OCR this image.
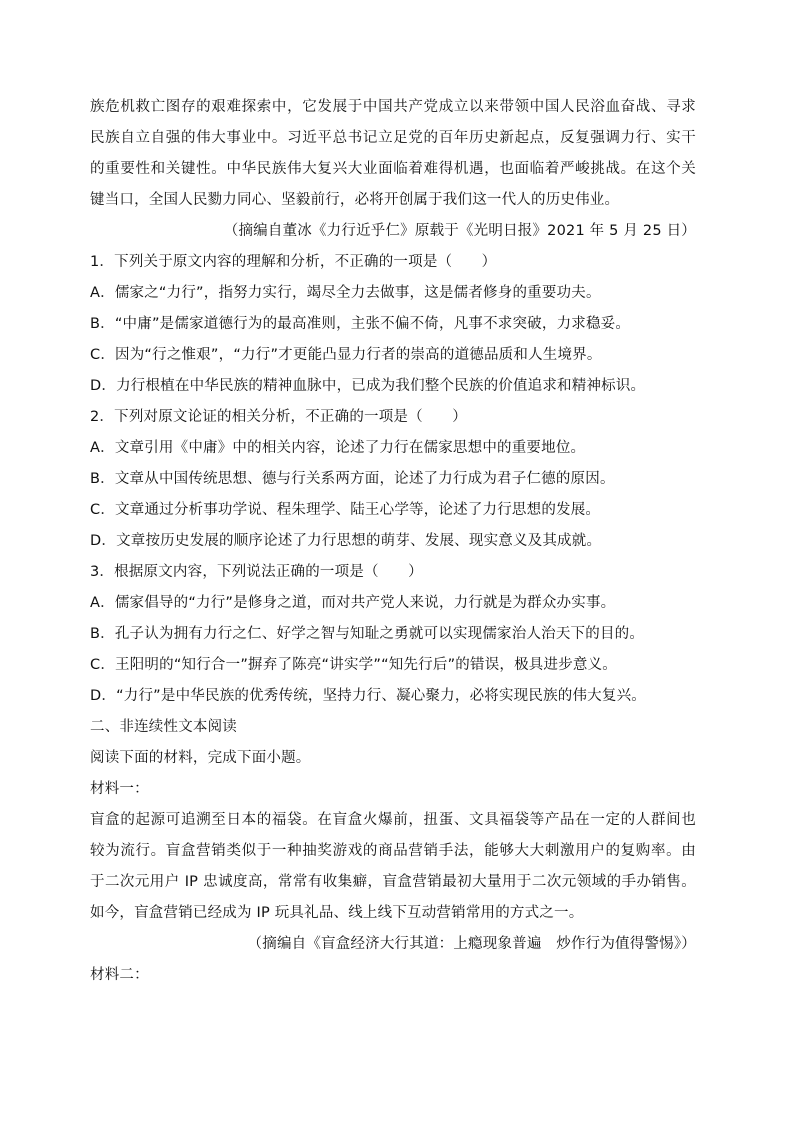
族危机救亡图存的艰难探索中，它发展于中国共产党成立以来带领中国人民浴血奋战、寻求

民族自立自强的伟大事业中。习近平总书记立足党的百年历史新起点，反复强调力行、实干

的重要性和关键性。中华民族伟大复兴大业面临着难得机遇，也面临着严峻挑战。在这个关

键当口，全国人民勠力同心、坚毅前行，必将开创属于我们这一代人的历史伟业。

（摘编自董冰《力行近乎仁》原载于《光明日报》2021 年 5 月 25 日）
1．下列关于原文内容的理解和分析，不正确的一项是（　　）
A．儒家之“力行”，指努力实行，竭尽全力去做事，这是儒者修身的重要功夫。
B．“中庸”是儒家道德行为的最高准则，主张不偏不倚，凡事不求突破，力求稳妥。
C．因为“行之惟艰”，“力行”才更能凸显力行者的崇高的道德品质和人生境界。
D．力行根植在中华民族的精神血脉中，已成为我们整个民族的价值追求和精神标识。
2．下列对原文论证的相关分析，不正确的一项是（　　）
A．文章引用《中庸》中的相关内容，论述了力行在儒家思想中的重要地位。
B．文章从中国传统思想、德与行关系两方面，论述了力行成为君子仁德的原因。
C．文章通过分析事功学说、程朱理学、陆王心学等，论述了力行思想的发展。
D．文章按历史发展的顺序论述了力行思想的萌芽、发展、现实意义及其成就。
3．根据原文内容，下列说法正确的一项是（　　）
A．儒家倡导的“力行”是修身之道，而对共产党人来说，力行就是为群众办实事。
B．孔子认为拥有力行之仁、好学之智与知耻之勇就可以实现儒家治人治天下的目的。
C．王阳明的“知行合一”摒弃了陈亮“讲实学”“知先行后”的错误，极具进步意义。
D．“力行”是中华民族的优秀传统，坚持力行、凝心聚力，必将实现民族的伟大复兴。
二、非连续性文本阅读
阅读下面的材料，完成下面小题。
材料一：

盲盒的起源可追溯至日本的福袋。在盲盒火爆前，扭蛋、文具福袋等产品在一定的人群间也

较为流行。盲盒营销类似于一种抽奖游戏的商品营销手法，能够大大刺激用户的复购率。由

于二次元用户 IP 忠诚度高，常常有收集癖，盲盒营销最初大量用于二次元领域的手办销售。

如今，盲盒营销已经成为 IP 玩具礼品、线上线下互动营销常用的方式之一。

（摘编自《盲盒经济大行其道：上瘾现象普遍　炒作行为值得警惕》）
材料二：
